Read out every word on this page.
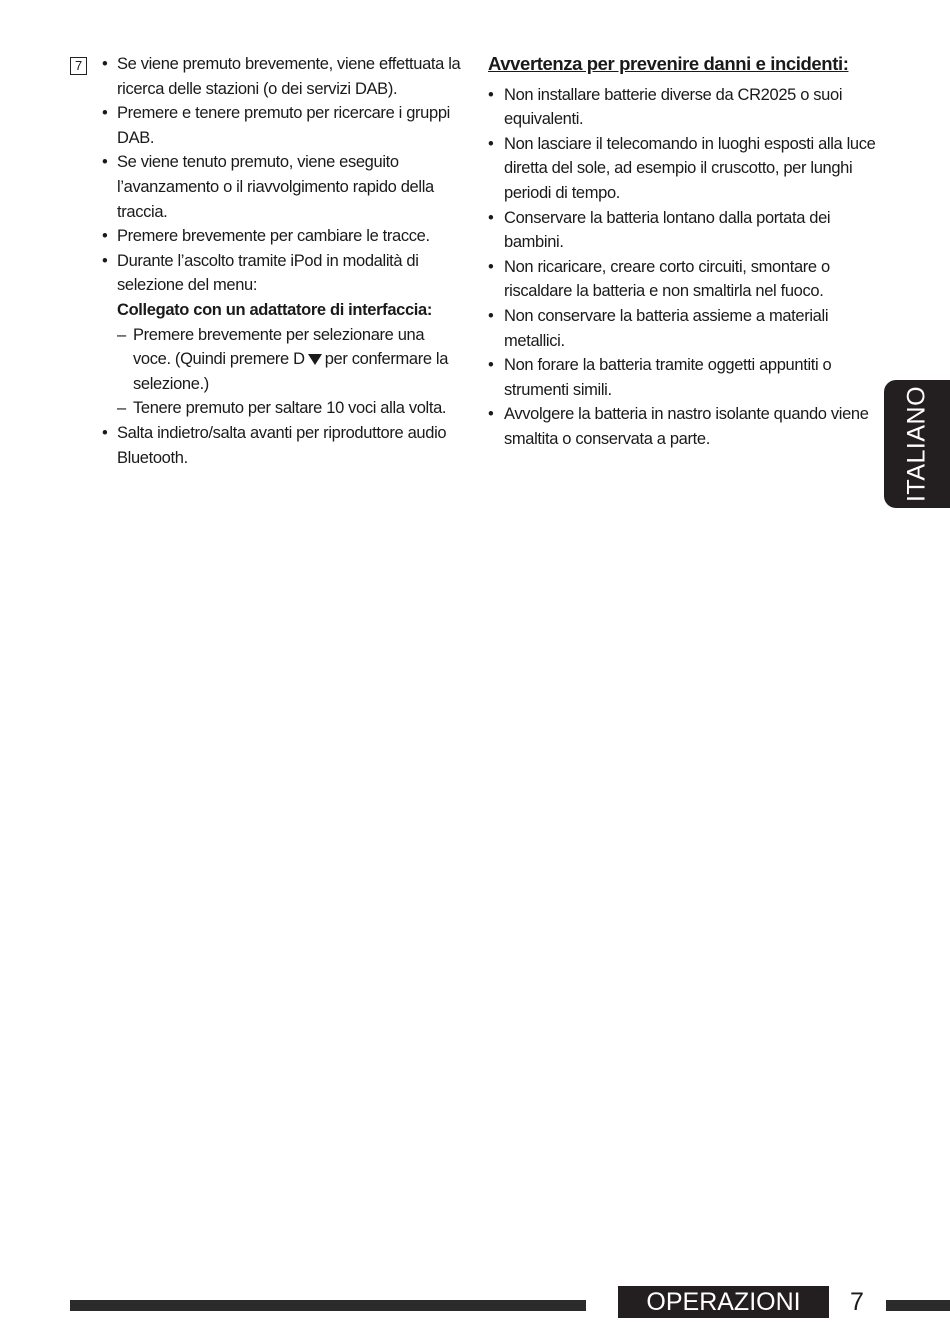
7
•	Se viene premuto brevemente, viene effettuata la ricerca delle stazioni (o dei servizi DAB).
• Premere e tenere premuto per ricercare i gruppi DAB.
• Se viene tenuto premuto, viene eseguito l’avanzamento o il riavvolgimento rapido della traccia.
• Premere brevemente per cambiare le tracce.
• Durante l’ascolto tramite iPod in modalità di selezione del menu:
Collegato con un adattatore di interfaccia:
– Premere brevemente per selezionare una voce. (Quindi premere D per confermare la selezione.)
– Tenere premuto per saltare 10 voci alla volta.
• Salta indietro/salta avanti per riproduttore audio Bluetooth.
Avvertenza per prevenire danni e incidenti:
• Non installare batterie diverse da CR2025 o suoi equivalenti.
• Non lasciare il telecomando in luoghi esposti alla luce diretta del sole, ad esempio il cruscotto, per lunghi periodi di tempo.
• Conservare la batteria lontano dalla portata dei bambini.
• Non ricaricare, creare corto circuiti, smontare o riscaldare la batteria e non smaltirla nel fuoco.
• Non conservare la batteria assieme a materiali metallici.
• Non forare la batteria tramite oggetti appuntiti o strumenti simili.
• Avvolgere la batteria in nastro isolante quando viene smaltita o conservata a parte.	ITALIANO
OPERAZIONI	7
